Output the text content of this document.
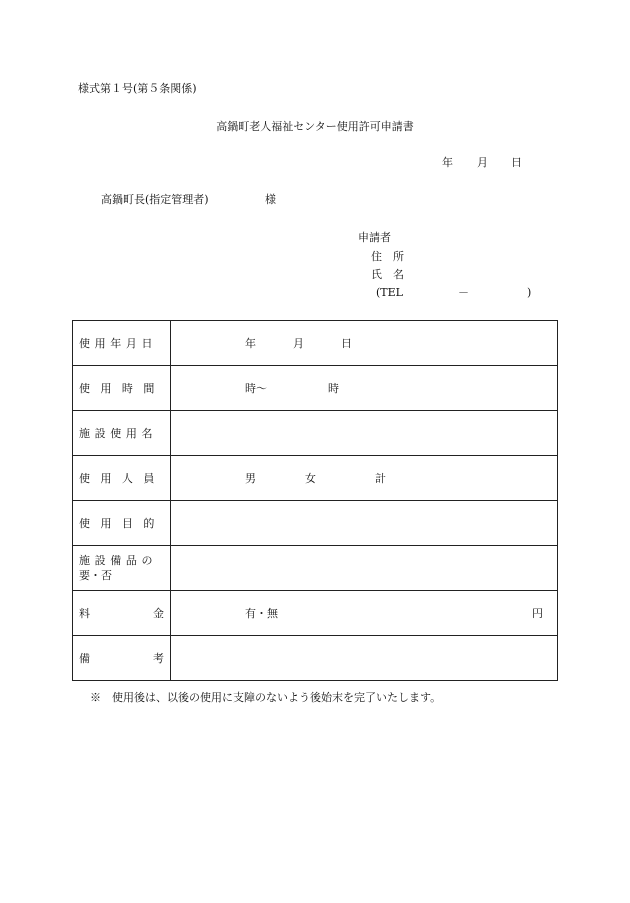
様式第１号(第５条関係)
高鍋町老人福祉センター使用許可申請書
年 月 日
高鍋町長(指定管理者)	様
申請者
住　所
氏　名
(TEL	－	)
使用年月日	年 月 日

使用時間	時～ 時

施設使用名	
使用人員	男 女 計

使用目的	

施設備品の
要・否	

料 金	有・無 円

備 考	

※　使用後は、以後の使用に支障のないよう後始末を完了いたします。
